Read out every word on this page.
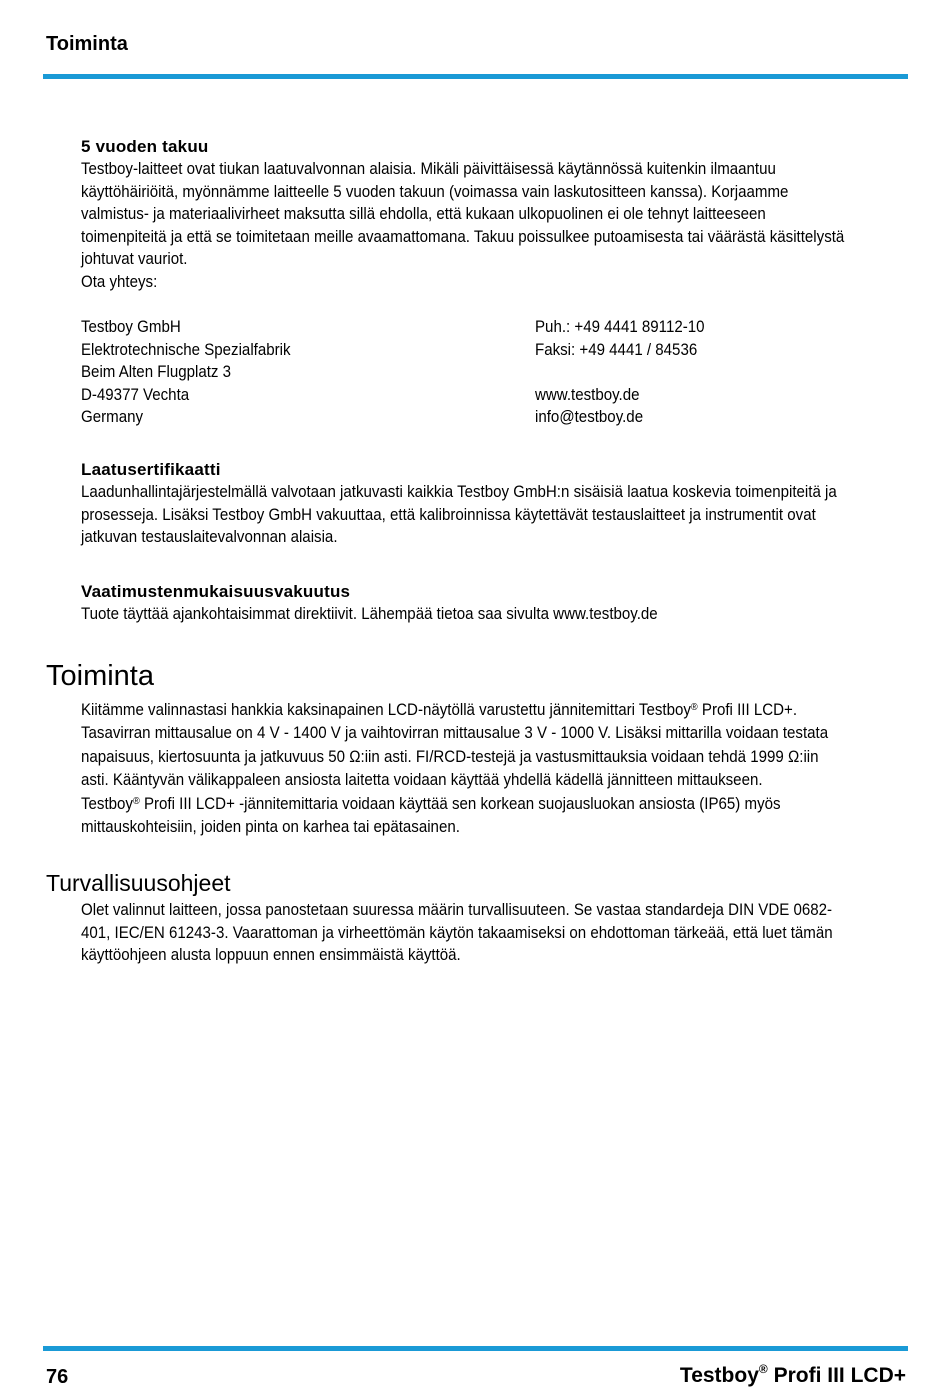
Toiminta
5 vuoden takuu

Testboy-laitteet ovat tiukan laatuvalvonnan alaisia. Mikäli päivittäisessä käytännössä kuitenkin ilmaantuu

käyttöhäiriöitä, myönnämme laitteelle 5 vuoden takuun (voimassa vain laskutositteen kanssa). Korjaamme

valmistus- ja materiaalivirheet maksutta sillä ehdolla, että kukaan ulkopuolinen ei ole tehnyt laitteeseen

toimenpiteitä ja että se toimitetaan meille avaamattomana. Takuu poissulkee putoamisesta tai väärästä käsittelystä

johtuvat vauriot.

Ota yhteys:

Testboy GmbH
Elektrotechnische Spezialfabrik
Beim Alten Flugplatz 3
D-49377 Vechta
Germany
Puh.: +49 4441 89112-10
Faksi: +49 4441 / 84536
www.testboy.de
info@testboy.de
Laatusertifikaatti

Laadunhallintajärjestelmällä valvotaan jatkuvasti kaikkia Testboy GmbH:n sisäisiä laatua koskevia toimenpiteitä ja

prosesseja. Lisäksi Testboy GmbH vakuuttaa, että kalibroinnissa käytettävät testauslaitteet ja instrumentit ovat

jatkuvan testauslaitevalvonnan alaisia.

Vaatimustenmukaisuusvakuutus

Tuote täyttää ajankohtaisimmat direktiivit. Lähempää tietoa saa sivulta www.testboy.de

Toiminta

Kiitämme valinnastasi hankkia kaksinapainen LCD-näytöllä varustettu jännitemittari Testboy® Profi III LCD+.

Tasavirran mittausalue on 4 V - 1400 V ja vaihtovirran mittausalue 3 V - 1000 V. Lisäksi mittarilla voidaan testata

napaisuus, kiertosuunta ja jatkuvuus 50 Ω:iin asti. FI/RCD-testejä ja vastusmittauksia voidaan tehdä 1999 Ω:iin

asti. Kääntyvän välikappaleen ansiosta laitetta voidaan käyttää yhdellä kädellä jännitteen mittaukseen.

Testboy® Profi III LCD+ -jännitemittaria voidaan käyttää sen korkean suojausluokan ansiosta (IP65) myös

mittauskohteisiin, joiden pinta on karhea tai epätasainen.

Turvallisuusohjeet

Olet valinnut laitteen, jossa panostetaan suuressa määrin turvallisuuteen. Se vastaa standardeja DIN VDE 0682-

401, IEC/EN 61243-3. Vaarattoman ja virheettömän käytön takaamiseksi on ehdottoman tärkeää, että luet tämän

käyttöohjeen alusta loppuun ennen ensimmäistä käyttöä.

76	Testboy® Profi III LCD+
